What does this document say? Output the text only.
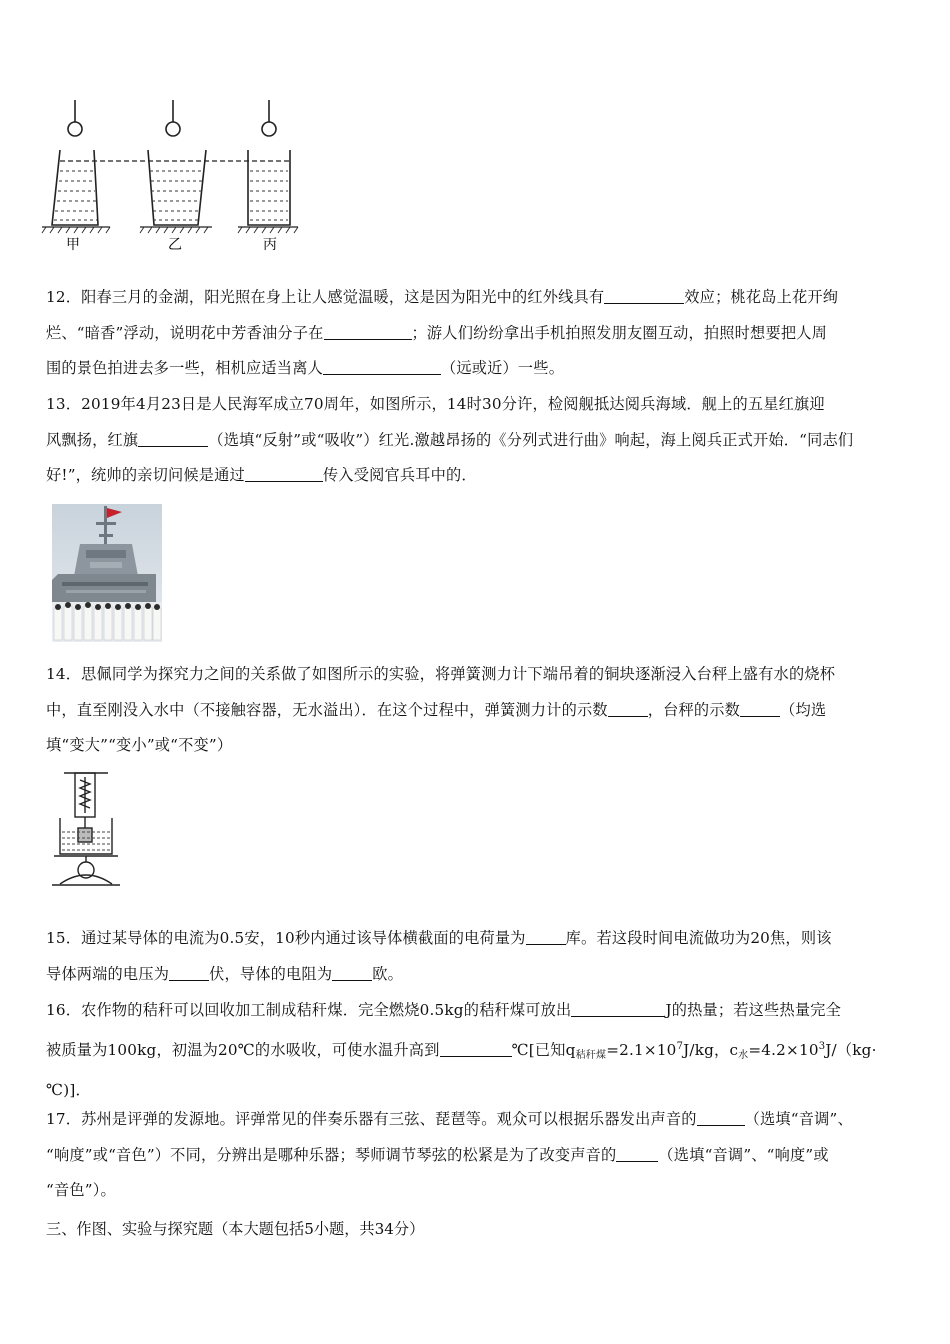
甲	乙	丙
12．阳春三月的金湖，阳光照在身上让人感觉温暖，这是因为阳光中的红外线具有	效应；桃花岛上花开绚
烂、“暗香”浮动，说明花中芳香油分子在	；游人们纷纷拿出手机拍照发朋友圈互动，拍照时想要把人周
围的景色拍进去多一些，相机应适当离人	（远或近）一些。
13．2019年4月23日是人民海军成立70周年，如图所示，14时30分许，检阅舰抵达阅兵海域．舰上的五星红旗迎
风飘扬，红旗	（选填“反射”或“吸收”）红光.激越昂扬的《分列式进行曲》响起，海上阅兵正式开始．“同志们
好!”，统帅的亲切问候是通过	传入受阅官兵耳中的．
14．思佩同学为探究力之间的关系做了如图所示的实验，将弹簧测力计下端吊着的铜块逐渐浸入台秤上盛有水的烧杯
中，直至刚没入水中（不接触容器，无水溢出）．在这个过程中，弹簧测力计的示数	，台秤的示数	（均选
填“变大”“变小”或“不变”）
15．通过某导体的电流为0.5安，10秒内通过该导体横截面的电荷量为	库。若这段时间电流做功为20焦，则该
导体两端的电压为	伏，导体的电阻为	欧。
16．农作物的秸秆可以回收加工制成秸秆煤．完全燃烧0.5kg的秸秆煤可放出	J的热量；若这些热量完全
被质量为100kg，初温为20℃的水吸收，可使水温升高到	℃[已知$q_{秸秆煤}=2.1\times 10^7J/kg$，$c_水=4.2\times 10^3J/(kg\cdot$
℃)]．
17．苏州是评弹的发源地。评弹常见的伴奏乐器有三弦、琵琶等。观众可以根据乐器发出声音的	（选填“音调”、
“响度”或“音色”）不同，分辨出是哪种乐器；琴师调节琴弦的松紧是为了改变声音的	（选填“音调”、“响度”或
“音色”）。
三、作图、实验与探究题（本大题包括5小题，共34分）
